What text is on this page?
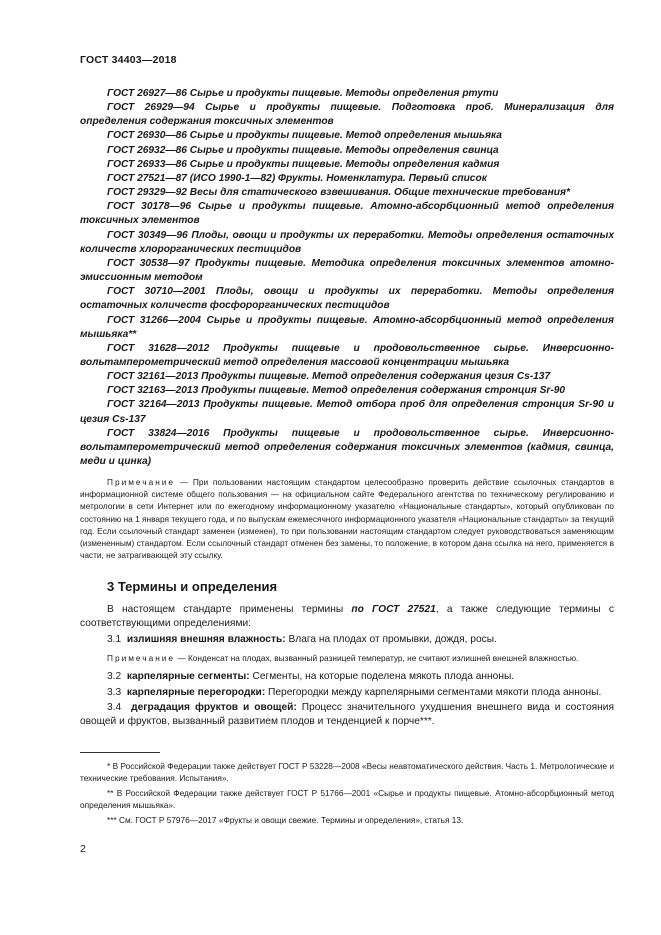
ГОСТ 34403—2018
ГОСТ 26927—86 Сырье и продукты пищевые. Методы определения ртути
ГОСТ 26929—94 Сырье и продукты пищевые. Подготовка проб. Минерализация для определения содержания токсичных элементов
ГОСТ 26930—86 Сырье и продукты пищевые. Метод определения мышьяка
ГОСТ 26932—86 Сырье и продукты пищевые. Методы определения свинца
ГОСТ 26933—86 Сырье и продукты пищевые. Методы определения кадмия
ГОСТ 27521—87 (ИСО 1990-1—82) Фрукты. Номенклатура. Первый список
ГОСТ 29329—92 Весы для статического взвешивания. Общие технические требования*
ГОСТ 30178—96 Сырье и продукты пищевые. Атомно-абсорбционный метод определения токсичных элементов
ГОСТ 30349—96 Плоды, овощи и продукты их переработки. Методы определения остаточных количеств хлорорганических пестицидов
ГОСТ 30538—97 Продукты пищевые. Методика определения токсичных элементов атомно-эмиссионным методом
ГОСТ 30710—2001 Плоды, овощи и продукты их переработки. Методы определения остаточных количеств фосфорорганических пестицидов
ГОСТ 31266—2004 Сырье и продукты пищевые. Атомно-абсорбционный метод определения мышьяка**
ГОСТ 31628—2012 Продукты пищевые и продовольственное сырье. Инверсионно-вольтамперометрический метод определения массовой концентрации мышьяка
ГОСТ 32161—2013 Продукты пищевые. Метод определения содержания цезия Cs-137
ГОСТ 32163—2013 Продукты пищевые. Метод определения содержания стронция Sr-90
ГОСТ 32164—2013 Продукты пищевые. Метод отбора проб для определения стронция Sr-90 и цезия Cs-137
ГОСТ 33824—2016 Продукты пищевые и продовольственное сырье. Инверсионно-вольтамперометрический метод определения содержания токсичных элементов (кадмия, свинца, меди и цинка)
Примечание — При пользовании настоящим стандартом целесообразно проверить действие ссылочных стандартов в информационной системе общего пользования — на официальном сайте Федерального агентства по техническому регулированию и метрологии в сети Интернет или по ежегодному информационному указателю «Национальные стандарты», который опубликован по состоянию на 1 января текущего года, и по выпускам ежемесячного информационного указателя «Национальные стандарты» за текущий год. Если ссылочный стандарт заменен (изменен), то при пользовании настоящим стандартом следует руководствоваться заменяющим (измененным) стандартом. Если ссылочный стандарт отменен без замены, то положение, в котором дана ссылка на него, применяется в части, не затрагивающей эту ссылку.
3 Термины и определения
В настоящем стандарте применены термины по ГОСТ 27521, а также следующие термины с соответствующими определениями:
3.1 излишняя внешняя влажность: Влага на плодах от промывки, дождя, росы.
Примечание — Конденсат на плодах, вызванный разницей температур, не считают излишней внешней влажностью.
3.2 карпелярные сегменты: Сегменты, на которые поделена мякоть плода анноны.
3.3 карпелярные перегородки: Перегородки между карпелярными сегментами мякоти плода анноны.
3.4 деградация фруктов и овощей: Процесс значительного ухудшения внешнего вида и состояния овощей и фруктов, вызванный развитием плодов и тенденцией к порче***.
* В Российской Федерации также действует ГОСТ Р 53228—2008 «Весы неавтоматического действия. Часть 1. Метрологические и технические требования. Испытания».
** В Российской Федерации также действует ГОСТ Р 51766—2001 «Сырье и продукты пищевые. Атомно-абсорбционный метод определения мышьяка».
*** См. ГОСТ Р 57976—2017 «Фрукты и овощи свежие. Термины и определения», статья 13.
2
